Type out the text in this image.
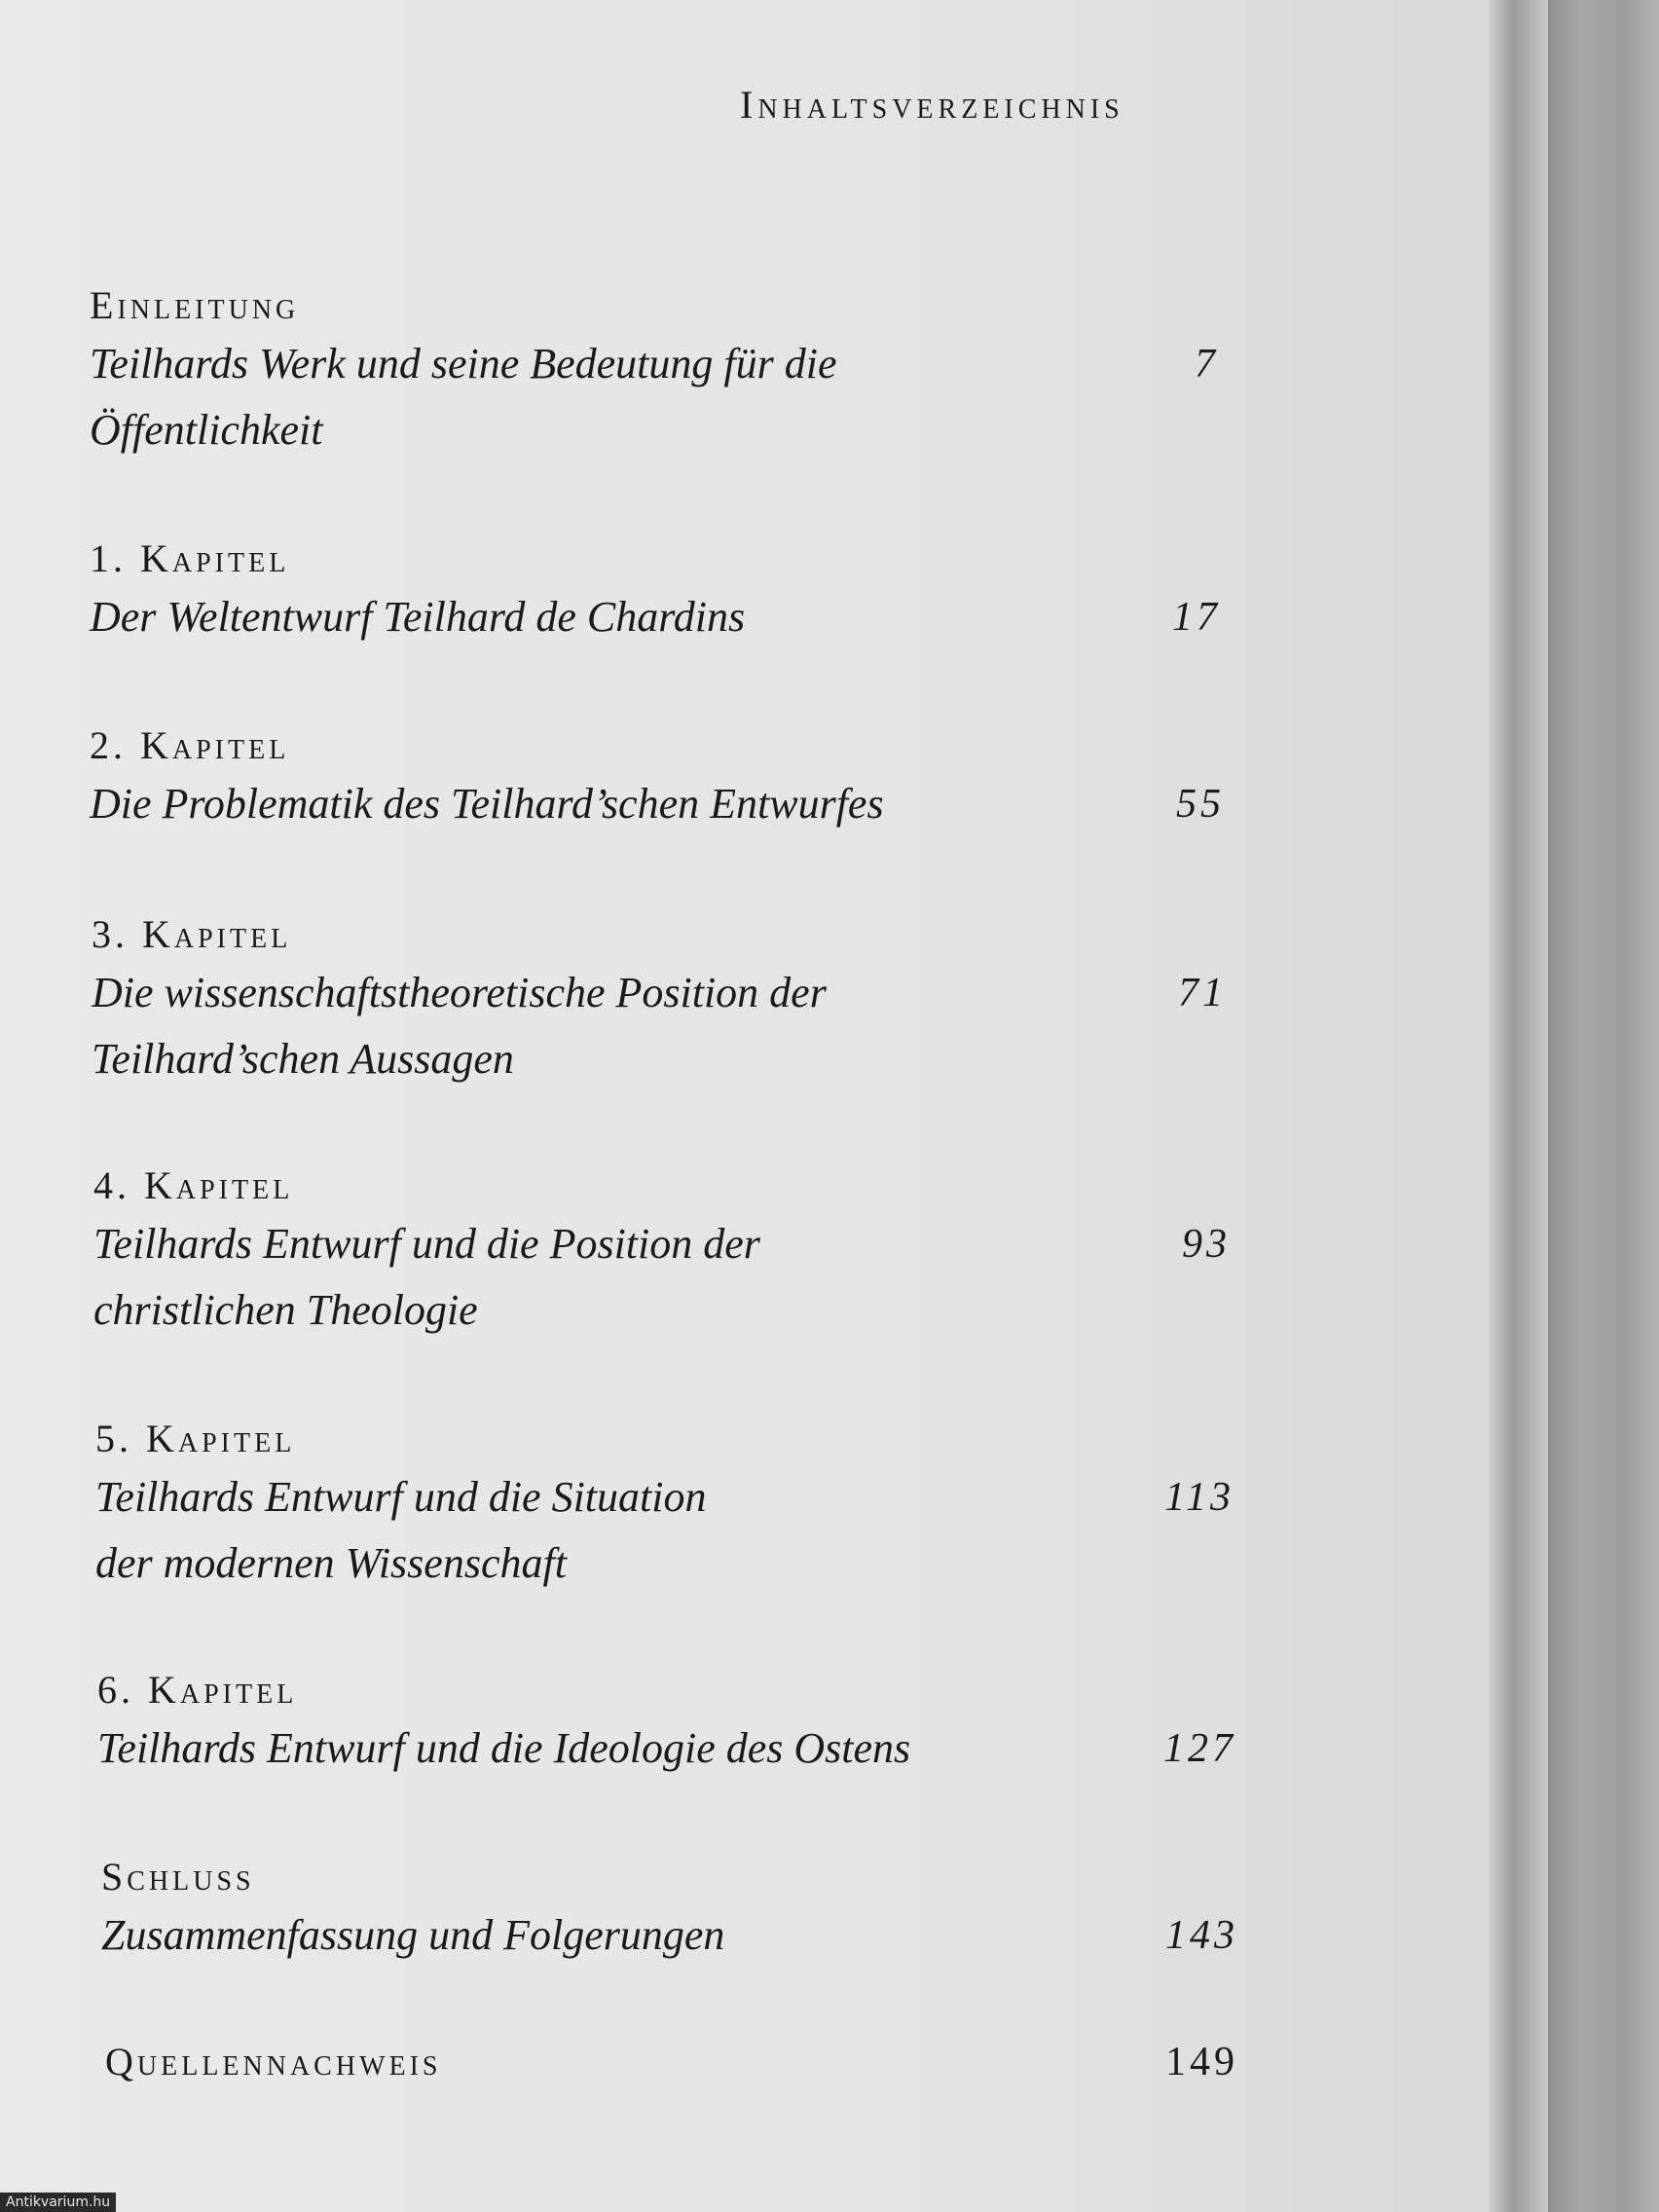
Inhaltsverzeichnis
Einleitung
Teilhards Werk und seine Bedeutung für die	7
Öffentlichkeit
1. Kapitel
Der Weltentwurf Teilhard de Chardins	17
2. Kapitel
Die Problematik des Teilhard’schen Entwurfes	55
3. Kapitel
Die wissenschaftstheoretische Position der	71
Teilhard’schen Aussagen
4. Kapitel
Teilhards Entwurf und die Position der	93
christlichen Theologie
5. Kapitel
Teilhards Entwurf und die Situation	113
der modernen Wissenschaft
6. Kapitel
Teilhards Entwurf und die Ideologie des Ostens	127
Schluss
Zusammenfassung und Folgerungen	143
Quellennachweis	149
Antikvarium.hu
